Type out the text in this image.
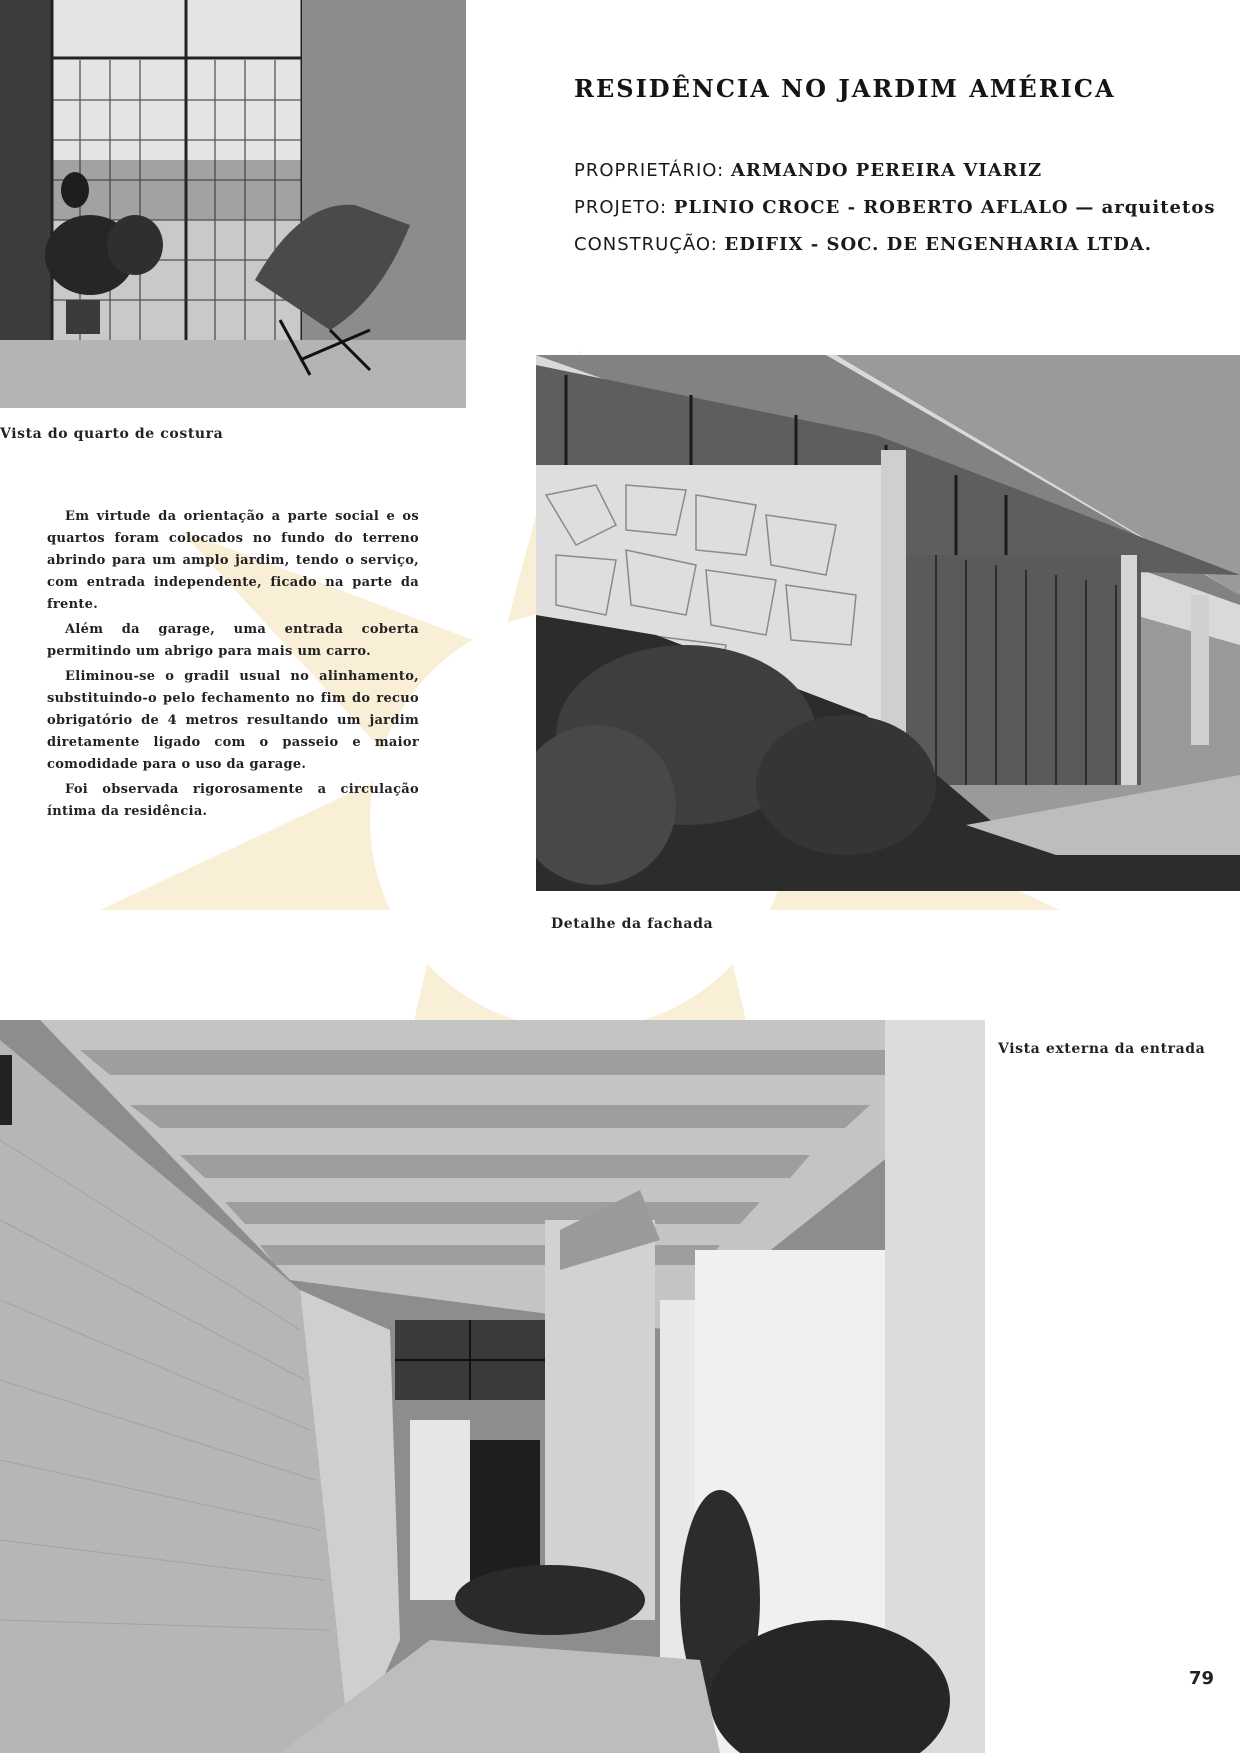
Vista do quarto de costura
RESIDÊNCIA NO JARDIM AMÉRICA
PROPRIETÁRIO: ARMANDO PEREIRA VIARIZ
PROJETO: PLINIO CROCE - ROBERTO AFLALO — arquitetos
CONSTRUÇÃO: EDIFIX - SOC. DE ENGENHARIA LTDA.
Detalhe da fachada

Em virtude da orientação a parte social e os quartos foram colocados no fundo do terreno abrindo para um amplo jardim, tendo o serviço, com entrada independente, ficado na parte da frente.

Além da garage, uma entrada coberta permitindo um abrigo para mais um carro.

Eliminou-se o gradil usual no alinhamento, substituindo-o pelo fechamento no fim do recuo obrigatório de 4 metros resultando um jardim diretamente ligado com o passeio e maior comodidade para o uso da garage.

Foi observada rigorosamente a circulação íntima da residência.

Vista externa da entrada
79
